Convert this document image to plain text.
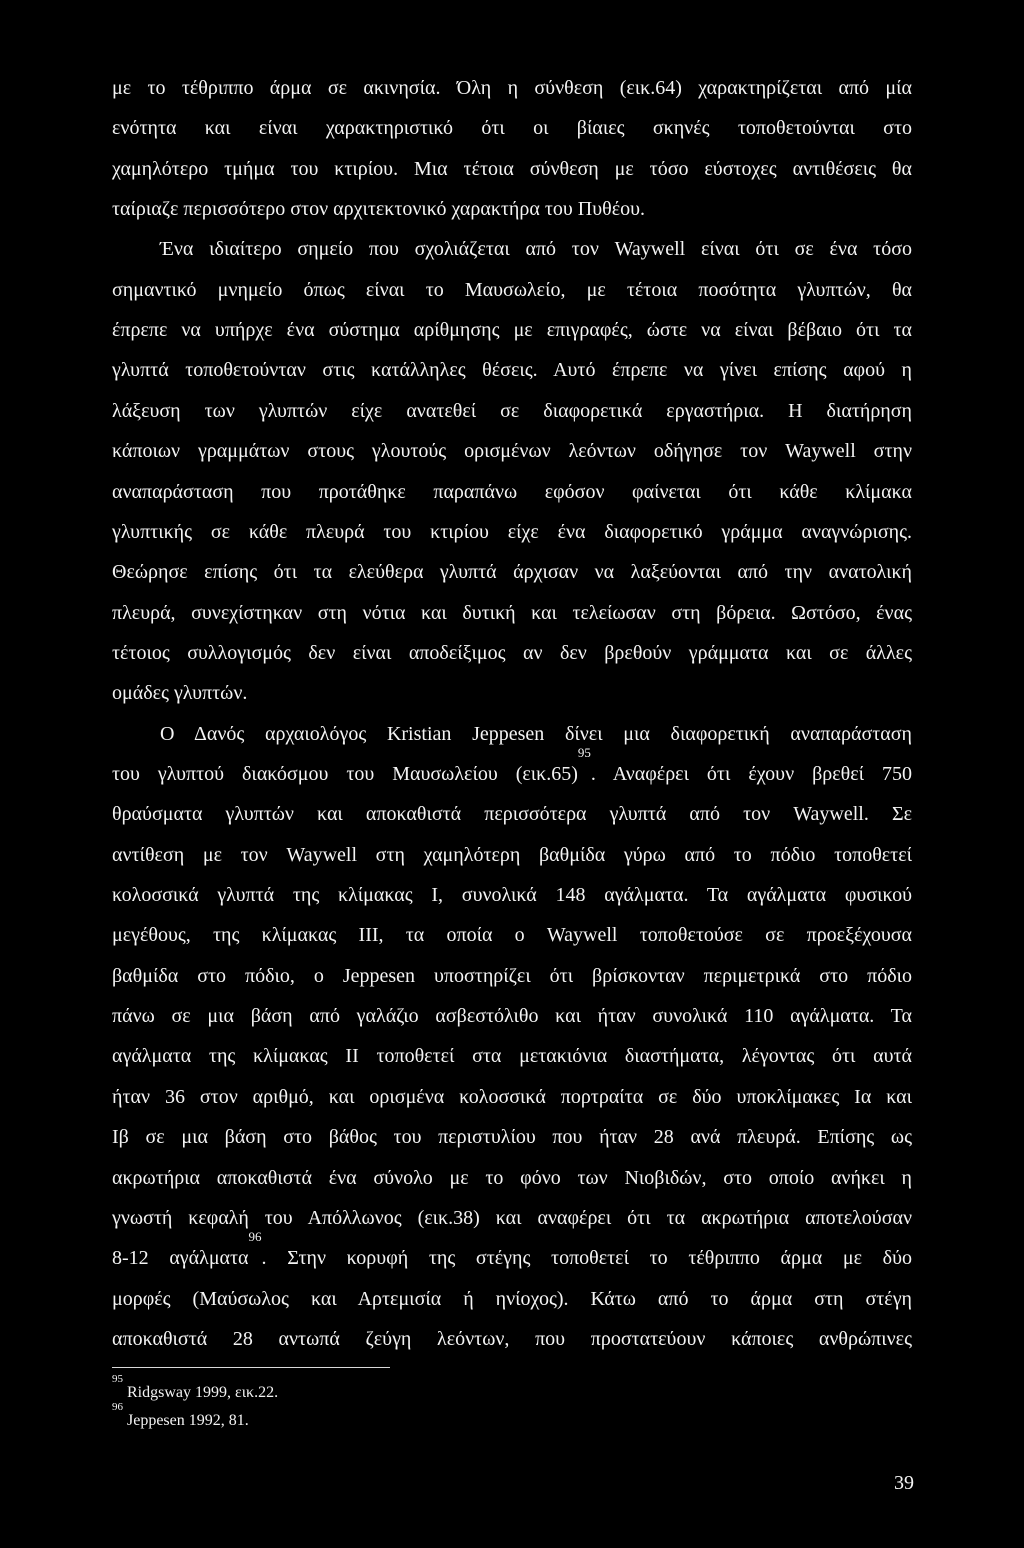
με το τέθριππο άρμα σε ακινησία. Όλη η σύνθεση (εικ.64) χαρακτηρίζεται από μία
ενότητα και είναι χαρακτηριστικό ότι οι βίαιες σκηνές τοποθετούνται στο
χαμηλότερο τμήμα του κτιρίου. Μια τέτοια σύνθεση με τόσο εύστοχες αντιθέσεις θα
ταίριαζε περισσότερο στον αρχιτεκτονικό χαρακτήρα του Πυθέου.
Ένα ιδιαίτερο σημείο που σχολιάζεται από τον Waywell είναι ότι σε ένα τόσο
σημαντικό μνημείο όπως είναι το Μαυσωλείο, με τέτοια ποσότητα γλυπτών, θα
έπρεπε να υπήρχε ένα σύστημα αρίθμησης με επιγραφές, ώστε να είναι βέβαιο ότι τα
γλυπτά τοποθετούνταν στις κατάλληλες θέσεις. Αυτό έπρεπε να γίνει επίσης αφού η
λάξευση των γλυπτών είχε ανατεθεί σε διαφορετικά εργαστήρια. Η διατήρηση
κάποιων γραμμάτων στους γλουτούς ορισμένων λεόντων οδήγησε τον Waywell στην
αναπαράσταση που προτάθηκε παραπάνω εφόσον φαίνεται ότι κάθε κλίμακα
γλυπτικής σε κάθε πλευρά του κτιρίου είχε ένα διαφορετικό γράμμα αναγνώρισης.
Θεώρησε επίσης ότι τα ελεύθερα γλυπτά άρχισαν να λαξεύονται από την ανατολική
πλευρά, συνεχίστηκαν στη νότια και δυτική και τελείωσαν στη βόρεια. Ωστόσο, ένας
τέτοιος συλλογισμός δεν είναι αποδείξιμος αν δεν βρεθούν γράμματα και σε άλλες
ομάδες γλυπτών.
Ο Δανός αρχαιολόγος Kristian Jeppesen δίνει μια διαφορετική αναπαράσταση
του γλυπτού διακόσμου του Μαυσωλείου $(\varepsilon\iota\kappa.65)^{95}$. Αναφέρει ότι έχουν βρεθεί 750
θραύσματα γλυπτών και αποκαθιστά περισσότερα γλυπτά από τον Waywell. Σε
αντίθεση με τον Waywell στη χαμηλότερη βαθμίδα γύρω από το πόδιο τοποθετεί
κολοσσικά γλυπτά της κλίμακας Ι, συνολικά 148 αγάλματα. Τα αγάλματα φυσικού
μεγέθους, της κλίμακας ΙΙΙ, τα οποία ο Waywell τοποθετούσε σε προεξέχουσα
βαθμίδα στο πόδιο, ο Jeppesen υποστηρίζει ότι βρίσκονταν περιμετρικά στο πόδιο
πάνω σε μια βάση από γαλάζιο ασβεστόλιθο και ήταν συνολικά 110 αγάλματα. Τα
αγάλματα της κλίμακας ΙΙ τοποθετεί στα μετακιόνια διαστήματα, λέγοντας ότι αυτά
ήταν 36 στον αριθμό, και ορισμένα κολοσσικά πορτραίτα σε δύο υποκλίμακες Ια και
Ιβ σε μια βάση στο βάθος του περιστυλίου που ήταν 28 ανά πλευρά. Επίσης ως
ακρωτήρια αποκαθιστά ένα σύνολο με το φόνο των Νιοβιδών, στο οποίο ανήκει η
γνωστή κεφαλή του Απόλλωνος (εικ.38) και αναφέρει ότι τα ακρωτήρια αποτελούσαν
8-12 αγάλματα$^{96}$. Στην κορυφή της στέγης τοποθετεί το τέθριππο άρμα με δύο
μορφές (Μαύσωλος και Αρτεμισία ή ηνίοχος). Κάτω από το άρμα στη στέγη
αποκαθιστά 28 αντωπά ζεύγη λεόντων, που προστατεύουν κάποιες ανθρώπινες
$^{95}$Ridgsway 1999, εικ.22.
$^{96}$Jeppesen 1992, 81.
39
